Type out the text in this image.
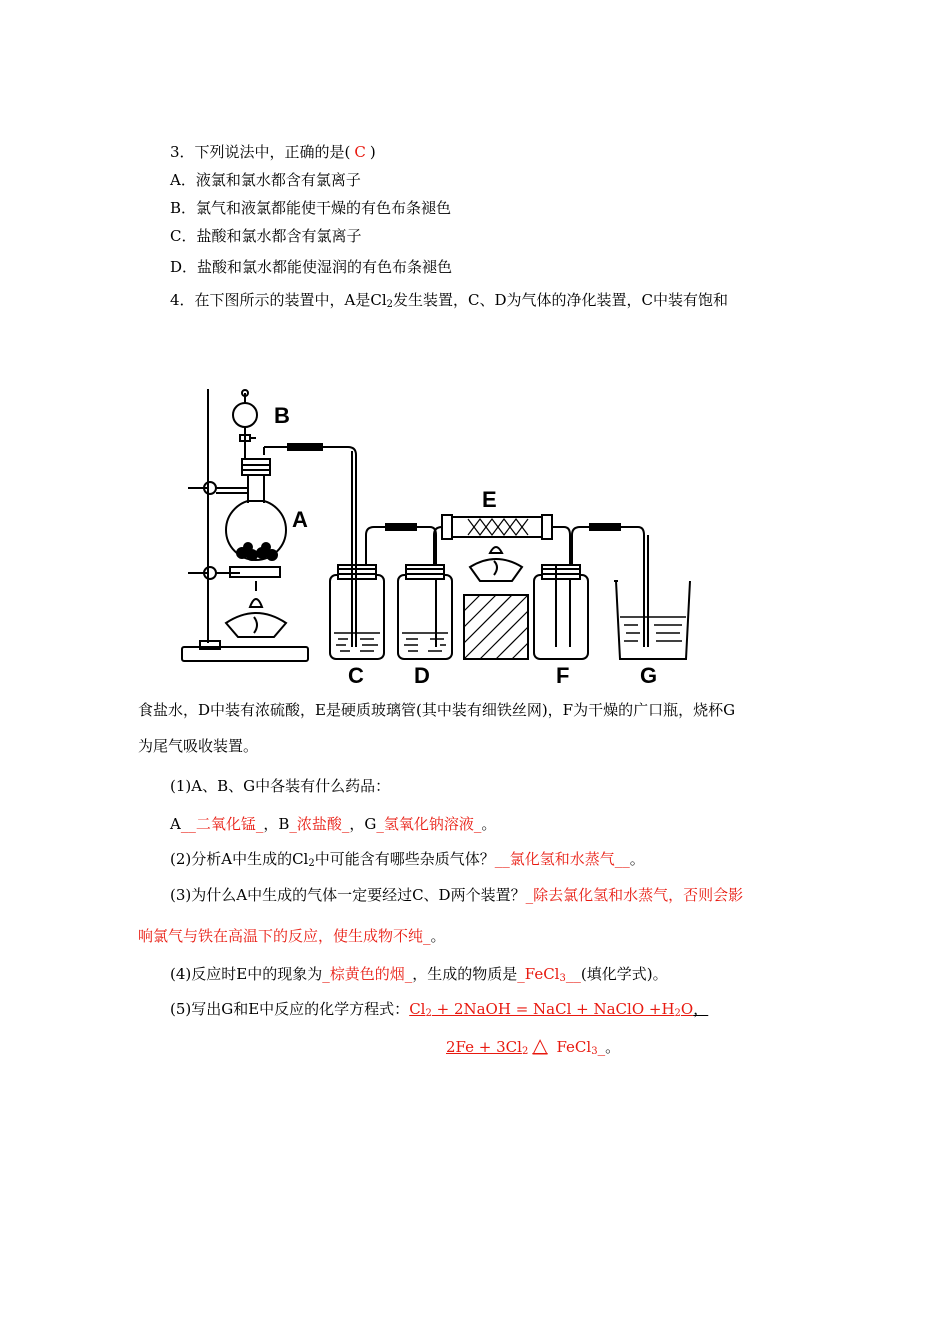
3．下列说法中，正确的是( C )
A．液氯和氯水都含有氯离子
B．氯气和液氯都能使干燥的有色布条褪色
C．盐酸和氯水都含有氯离子
D．盐酸和氯水都能使湿润的有色布条褪色
4．在下图所示的装置中，A是$Cl_2$发生装置，C、D为气体的净化装置，C中装有饱和
B
A
C D
E
F	G
食盐水，D中装有浓硫酸，E是硬质玻璃管(其中装有细铁丝网)，F为干燥的广口瓶，烧杯G
为尾气吸收装置。
(1)A、B、G中各装有什么药品：
A__二氧化锰_，B_浓盐酸_，G_氢氧化钠溶液_。
(2)分析A中生成的$Cl_2$中可能含有哪些杂质气体？__氯化氢和水蒸气__。
(3)为什么A中生成的气体一定要经过C、D两个装置？_除去氯化氢和水蒸气，否则会影
响氯气与铁在高温下的反应，使生成物不纯_。
(4)反应时E中的现象为_棕黄色的烟_，生成的物质是_FeCl$_3$__(填化学式)。
(5)写出G和E中反应的化学方程式：$Cl_2$ + 2NaOH = NaCl + NaClO $+H_2O$，
$2Fe + 3Cl_2$ △ FeCl$_3$_。
